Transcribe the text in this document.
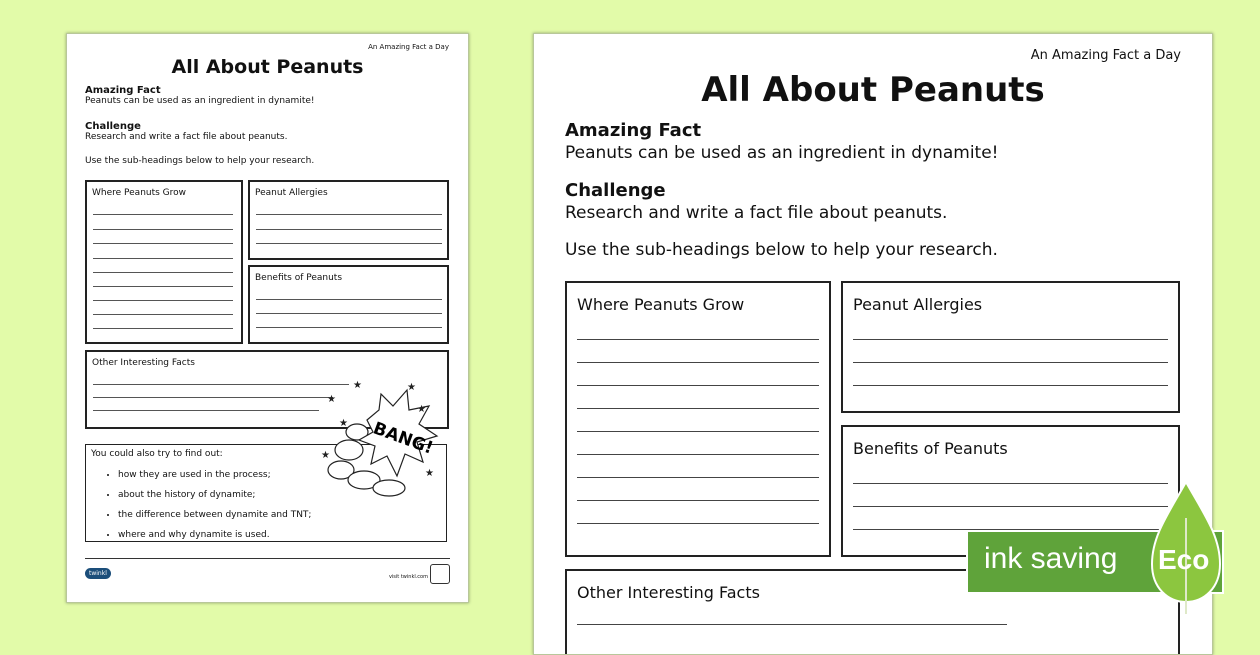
An Amazing Fact a Day
All About Peanuts
Amazing Fact
Peanuts can be used as an ingredient in dynamite!
Challenge
Research and write a fact file about peanuts.
Use the sub-headings below to help your research.
Where Peanuts Grow	Peanut Allergies
Benefits of Peanuts
Other Interesting Facts
You could also try to find out:
• how they are used in the process;
• about the history of dynamite;
• the difference between dynamite and TNT;
• where and why dynamite is used.
BANG!
★
★
★
★
★
★
★
twinkl	visit twinkl.com
An Amazing Fact a Day
All About Peanuts
Amazing Fact
Peanuts can be used as an ingredient in dynamite!
Challenge
Research and write a fact file about peanuts.
Use the sub-headings below to help your research.
Where Peanuts Grow	Peanut Allergies
Benefits of Peanuts
Other Interesting Facts
ink saving Eco
